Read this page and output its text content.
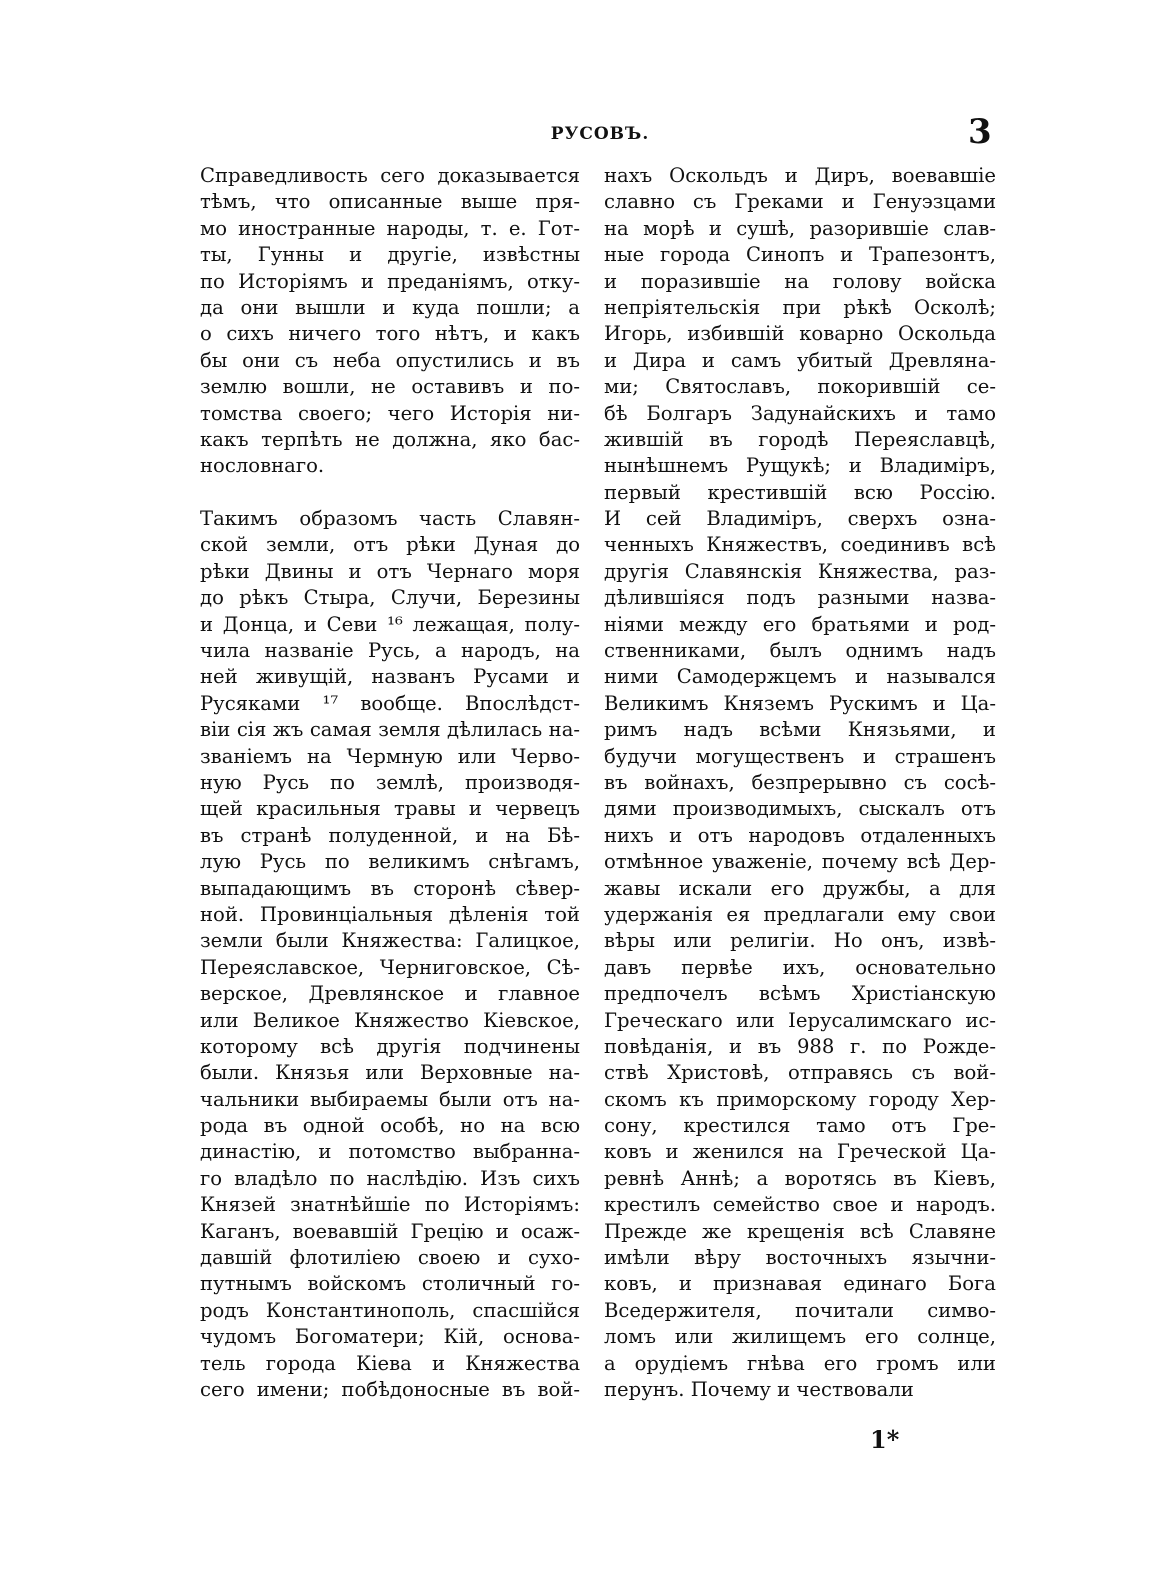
РУСОВЪ.	3
Справедливость сего доказывается
тѣмъ, что описанные выше пря-
мо иностранные народы, т. е. Гот-
ты, Гунны и другіе, извѣстны
по Исторіямъ и преданіямъ, отку-
да они вышли и куда пошли; а
о сихъ ничего того нѣтъ, и какъ
бы они съ неба опустились и въ
землю вошли, не оставивъ и по-
томства своего; чего Исторія ни-
какъ терпѣть не должна, яко бас-
нословнаго.
Такимъ образомъ часть Славян-
ской земли, отъ рѣки Дуная до
рѣки Двины и отъ Чернаго моря
до рѣкъ Стыра, Случи, Березины
и Донца, и Севи ¹⁶ лежащая, полу-
чила названіе Русь, а народъ, на
ней живущій, названъ Русами и
Русяками ¹⁷ вообще. Впослѣдст-
віи сія жъ самая земля дѣлилась на-
званіемъ на Чермную или Черво-
ную Русь по землѣ, производя-
щей красильныя травы и червецъ
въ странѣ полуденной, и на Бѣ-
лую Русь по великимъ снѣгамъ,
выпадающимъ въ сторонѣ сѣвер-
ной. Провинціальныя дѣленія той
земли были Княжества: Галицкое,
Переяславское, Черниговское, Сѣ-
верское, Древлянское и главное
или Великое Княжество Кіевское,
которому всѣ другія подчинены
были. Князья или Верховные на-
чальники выбираемы были отъ на-
рода въ одной особѣ, но на всю
династію, и потомство выбранна-
го владѣло по наслѣдію. Изъ сихъ
Князей знатнѣйшіе по Исторіямъ:
Каганъ, воевавшій Грецію и осаж-
давшій флотиліею своею и сухо-
путнымъ войскомъ столичный го-
родъ Константинополь, спасшійся
чудомъ Богоматери; Кій, основа-
тель города Кіева и Княжества
сего имени; побѣдоносные въ вой-
нахъ Оскольдъ и Диръ, воевавшіе
славно съ Греками и Генуэзцами
на морѣ и сушѣ, разорившіе слав-
ные города Синопъ и Трапезонтъ,
и поразившіе на голову войска
непріятельскія при рѣкѣ Осколѣ;
Игорь, избившій коварно Оскольда
и Дира и самъ убитый Древляна-
ми; Святославъ, покорившій се-
бѣ Болгаръ Задунайскихъ и тамо
жившій въ городѣ Переяславцѣ,
нынѣшнемъ Рущукѣ; и Владиміръ,
первый крестившій всю Россію.
И сей Владиміръ, сверхъ озна-
ченныхъ Княжествъ, соединивъ всѣ
другія Славянскія Княжества, раз-
дѣлившіяся подъ разными назва-
ніями между его братьями и род-
ственниками, былъ однимъ надъ
ними Самодержцемъ и назывался
Великимъ Княземъ Рускимъ и Ца-
римъ надъ всѣми Князьями, и
будучи могущественъ и страшенъ
въ войнахъ, безпрерывно съ сосѣ-
дями производимыхъ, сыскалъ отъ
нихъ и отъ народовъ отдаленныхъ
отмѣнное уваженіе, почему всѣ Дер-
жавы искали его дружбы, а для
удержанія ея предлагали ему свои
вѣры или религіи. Но онъ, извѣ-
давъ первѣе ихъ, основательно
предпочелъ всѣмъ Христіанскую
Греческаго или Іерусалимскаго ис-
повѣданія, и въ 988 г. по Рожде-
ствѣ Христовѣ, отправясь съ вой-
скомъ къ приморскому городу Хер-
сону, крестился тамо отъ Гре-
ковъ и женился на Греческой Ца-
ревнѣ Аннѣ; а воротясь въ Кіевъ,
крестилъ семейство свое и народъ.
Прежде же крещенія всѣ Славяне
имѣли вѣру восточныхъ язычни-
ковъ, и признавая единаго Бога
Вседержителя, почитали симво-
ломъ или жилищемъ его солнце,
а орудіемъ гнѣва его громъ или
перунъ. Почему и чествовали
1*
